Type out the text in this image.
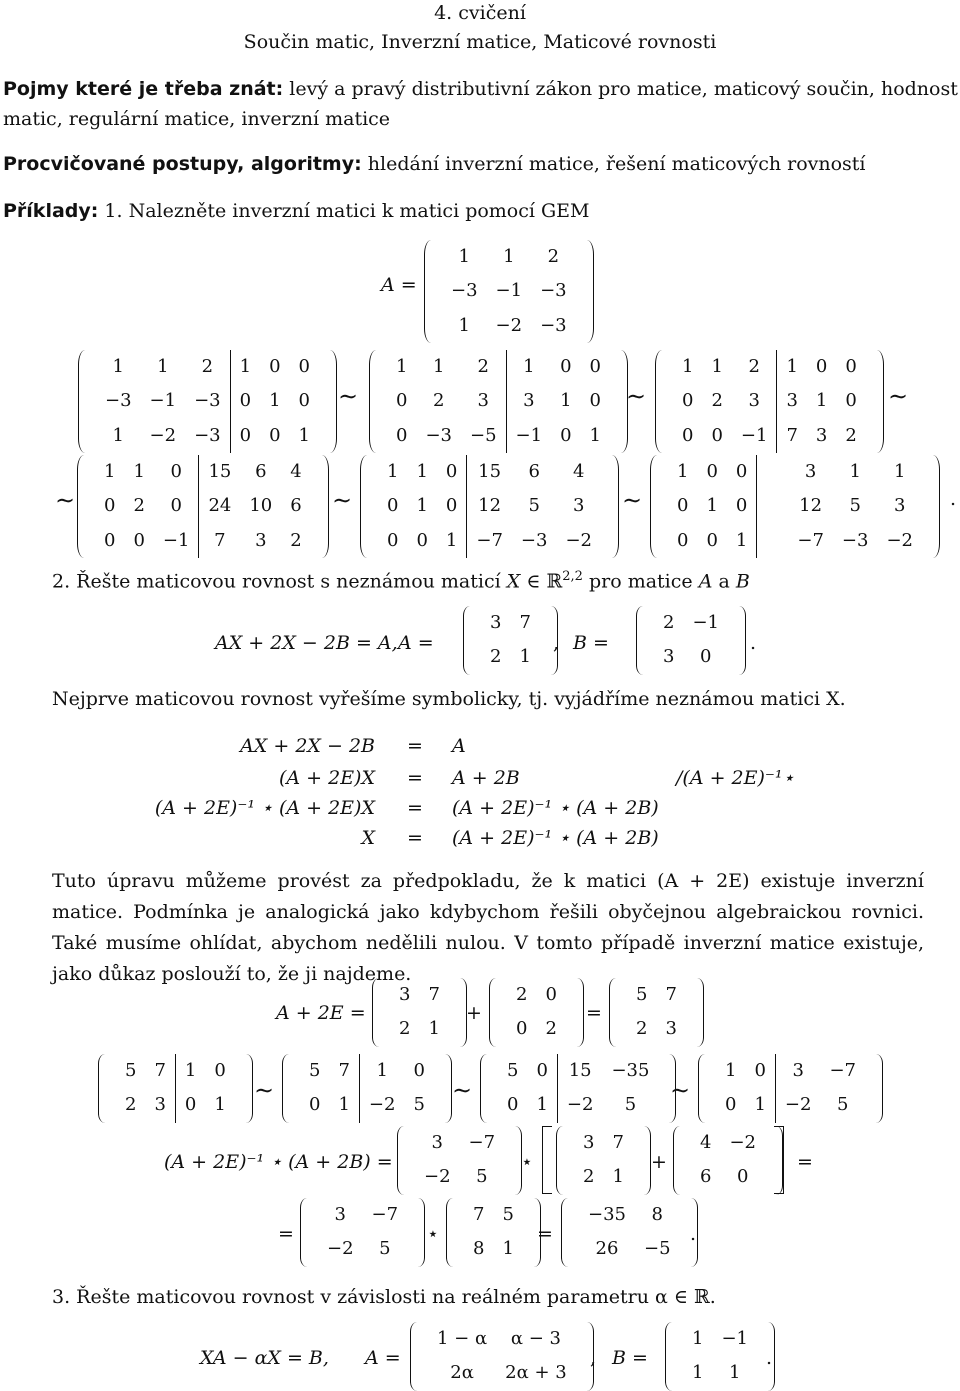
4. cvičení
Součin matic, Inverzní matice, Maticové rovnosti
Pojmy které je třeba znát: levý a pravý distributivní zákon pro matice, maticový součin, hodnost
matic, regulární matice, inverzní matice
Procvičované postupy, algoritmy: hledání inverzní matice, řešení maticových rovností
Příklady: 1. Nalezněte inverzní matici k matici pomocí GEM
A =
1	1	2
−3	−1	−3
1	−2	−3
1	1	2	1	0	0
−3	−1	−3	0	1	0
1	−2	−3	0	0	1
∼
1	1	2	1	0	0
0	2	3	3	1	0
0	−3	−5	−1	0	1
∼
1	1	2	1	0	0
0	2	3	3	1	0
0	0	−1	7	3	2
∼
∼
1	1	0	15	6	4
0	2	0	24	10	6
0	0	−1	7	3	2
∼
1	1	0	15	6	4
0	1	0	12	5	3
0	0	1	−7	−3	−2
∼
1	0	0	3	1	1
0	1	0	12	5	3
0	0	1	−7	−3	−2
.
2. Řešte maticovou rovnost s neznámou maticí X ∈ ℝ$^{2,2}$ pro matice A a B
AX + 2X − 2B = A, A =
3	7
2	1
, B =
2	−1
3	0
.
Nejprve maticovou rovnost vyřešíme symbolicky, tj. vyjádříme neznámou matici X.
AX + 2X − 2B = A
(A + 2E)X = A + 2B	/(A + 2E)⁻¹⋆
(A + 2E)⁻¹ ⋆ (A + 2E)X = (A + 2E)⁻¹ ⋆ (A + 2B)
X = (A + 2E)⁻¹ ⋆ (A + 2B)
Tuto úpravu můžeme provést za předpokladu, že k matici (A + 2E) existuje inverzní matice. Podmínka je analogická jako kdybychom řešili obyčejnou algebraickou rovnici. Také musíme ohlídat, abychom nedělili nulou. V tomto případě inverzní matice existuje, jako důkaz poslouží to, že ji najdeme.
A + 2E =
3	7
2	1
+
2	0
0	2
=
5	7
2	3
5	7	1	0
2	3	0	1
∼
5	7	1	0
0	1	−2	5
∼
5	0	15	−35
0	1	−2	5
∼
1	0	3	−7
0	1	−2	5
(A + 2E)⁻¹ ⋆ (A + 2B) =
3	−7
−2	5
⋆
3	7
2	1
+
4	−2
6	0
=
=
3	−7
−2	5
⋆
7	5
8	1
=
−35	8
26	−5
.
3. Řešte maticovou rovnost v závislosti na reálném parametru α ∈ ℝ.
XA − αX = B, A =
1 − α	α − 3
2α	2α + 3
, B =
1	−1
1	1
.
